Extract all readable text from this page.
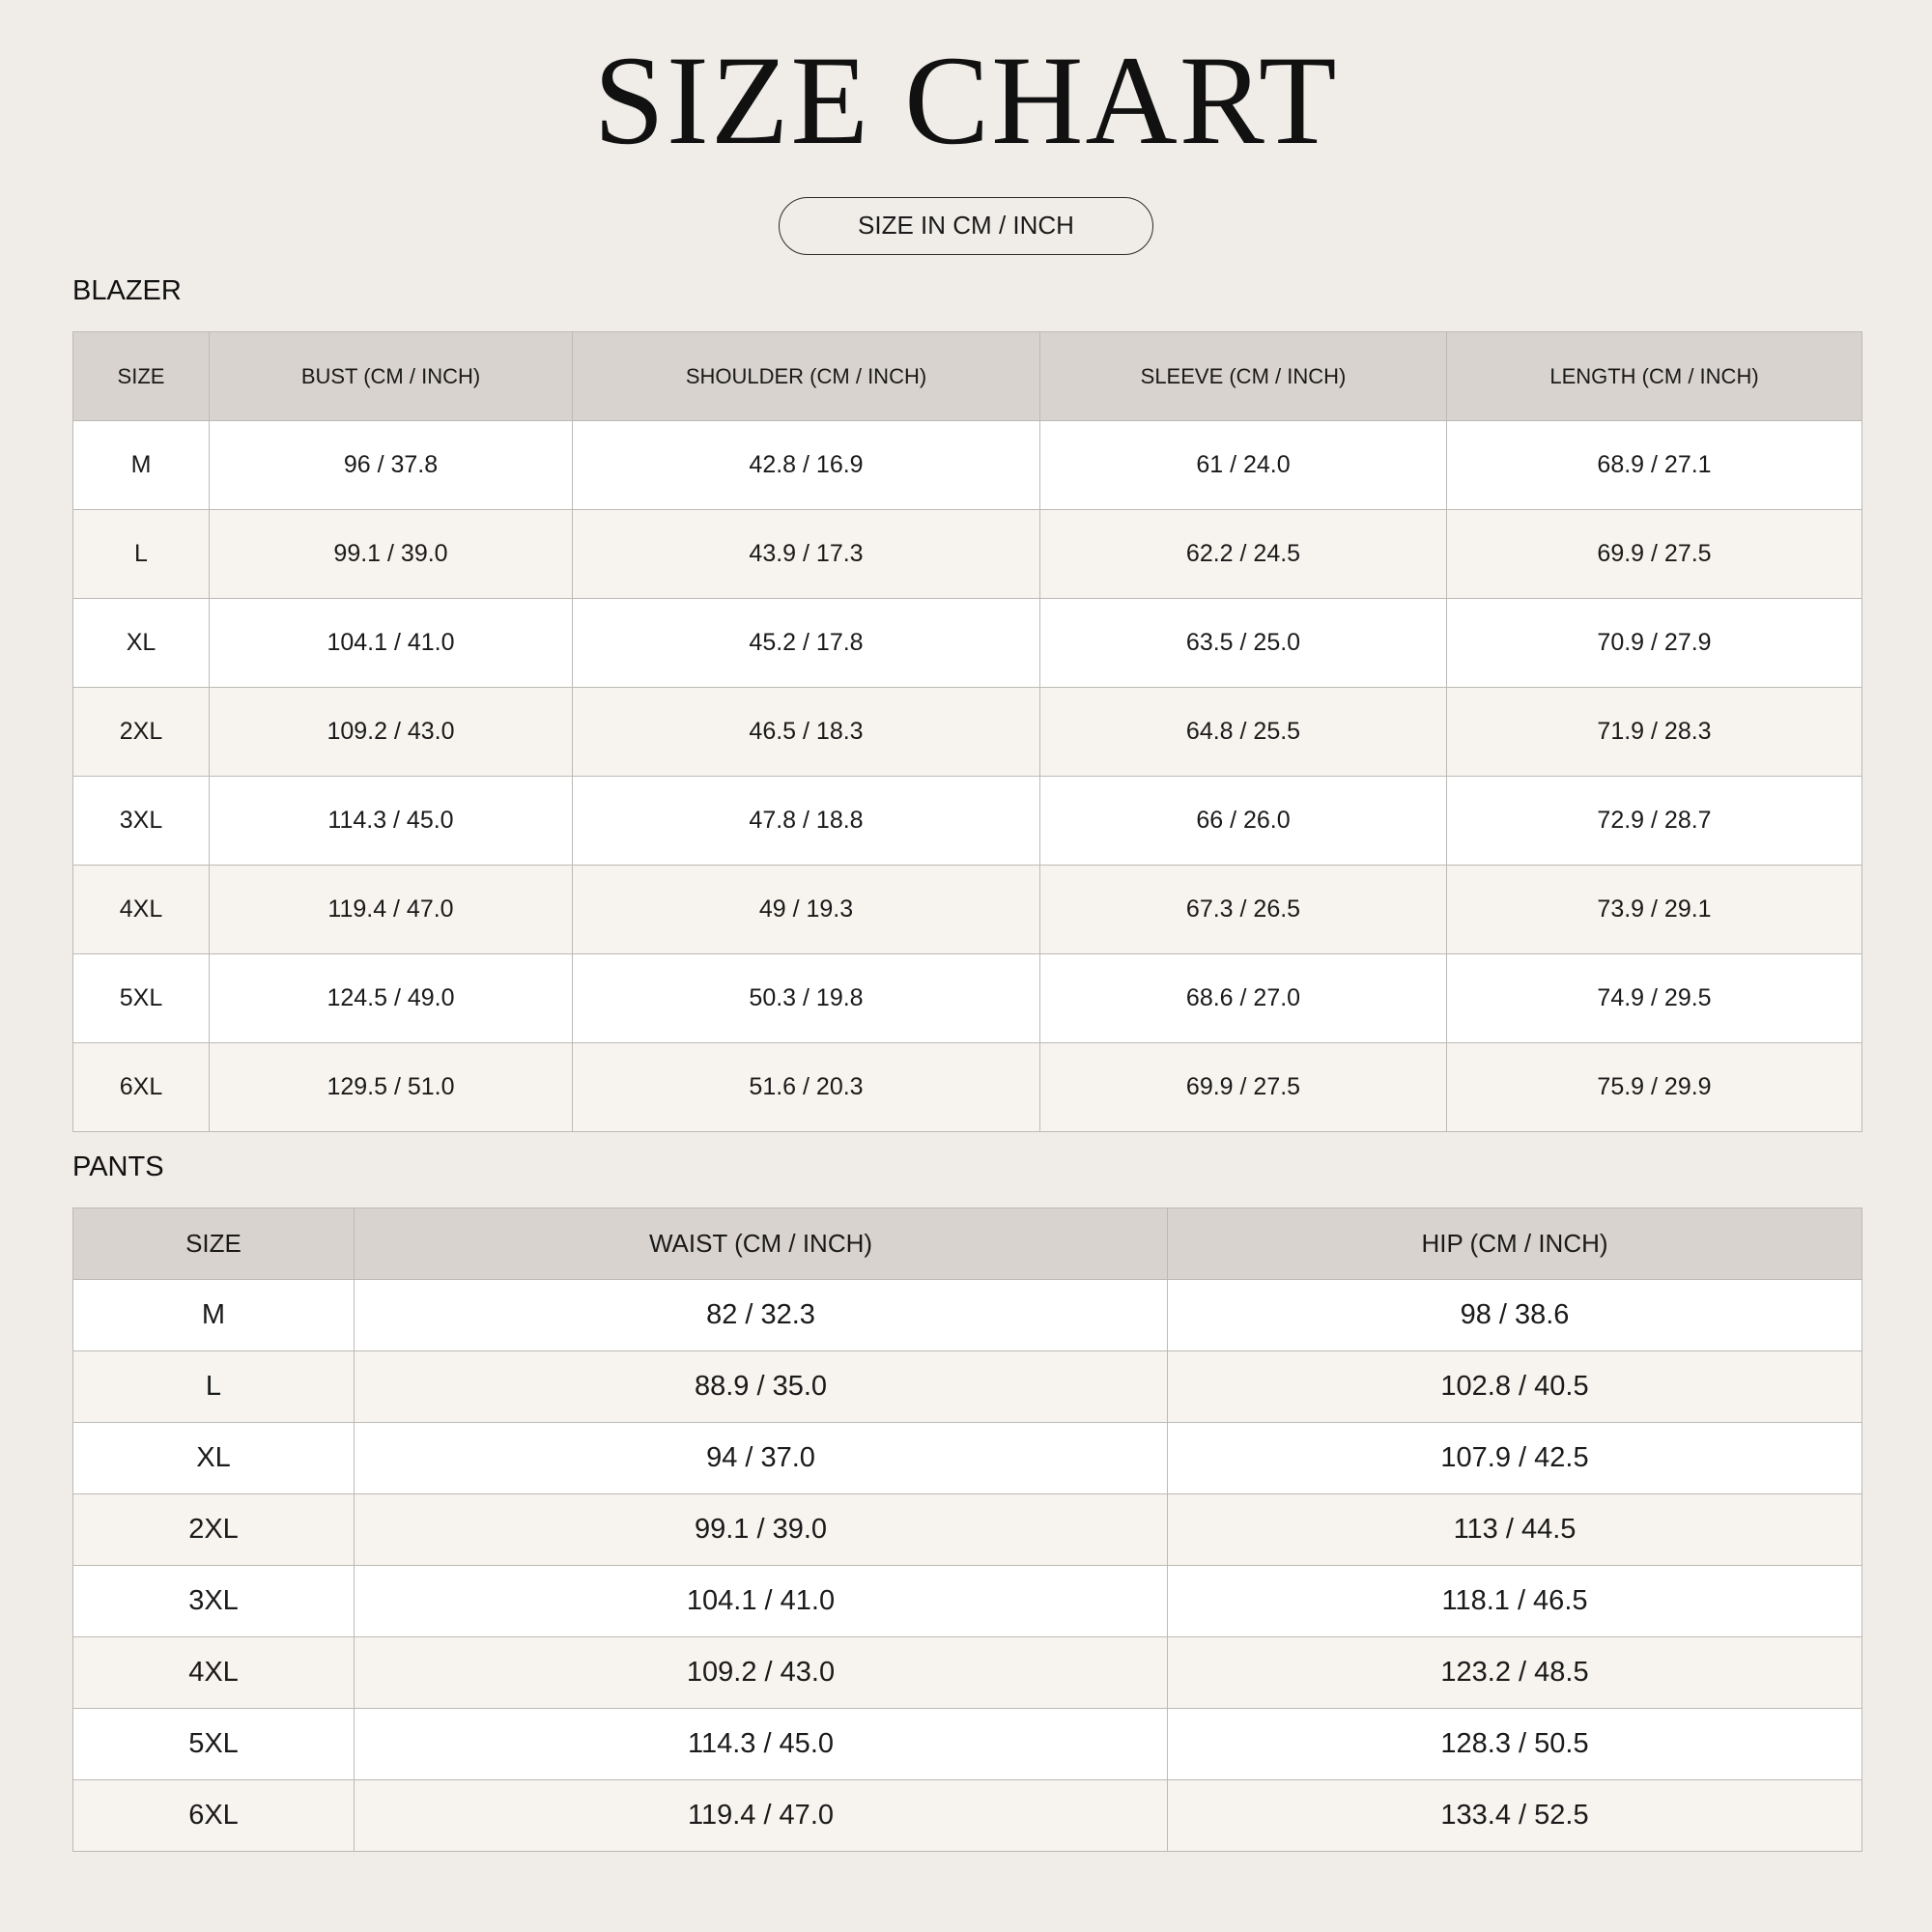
SIZE CHART
SIZE IN CM / INCH
BLAZER
SIZE	BUST (CM / INCH)	SHOULDER (CM / INCH)	SLEEVE (CM / INCH)	LENGTH (CM / INCH)
M	96 / 37.8	42.8 / 16.9	61 / 24.0	68.9 / 27.1
L	99.1 / 39.0	43.9 / 17.3	62.2 / 24.5	69.9 / 27.5
XL	104.1 / 41.0	45.2 / 17.8	63.5 / 25.0	70.9 / 27.9
2XL	109.2 / 43.0	46.5 / 18.3	64.8 / 25.5	71.9 / 28.3
3XL	114.3 / 45.0	47.8 / 18.8	66 / 26.0	72.9 / 28.7
4XL	119.4 / 47.0	49 / 19.3	67.3 / 26.5	73.9 / 29.1
5XL	124.5 / 49.0	50.3 / 19.8	68.6 / 27.0	74.9 / 29.5
6XL	129.5 / 51.0	51.6 / 20.3	69.9 / 27.5	75.9 / 29.9
PANTS
SIZE	WAIST (CM / INCH)	HIP (CM / INCH)
M	82 / 32.3	98 / 38.6
L	88.9 / 35.0	102.8 / 40.5
XL	94 / 37.0	107.9 / 42.5
2XL	99.1 / 39.0	113 / 44.5
3XL	104.1 / 41.0	118.1 / 46.5
4XL	109.2 / 43.0	123.2 / 48.5
5XL	114.3 / 45.0	128.3 / 50.5
6XL	119.4 / 47.0	133.4 / 52.5
